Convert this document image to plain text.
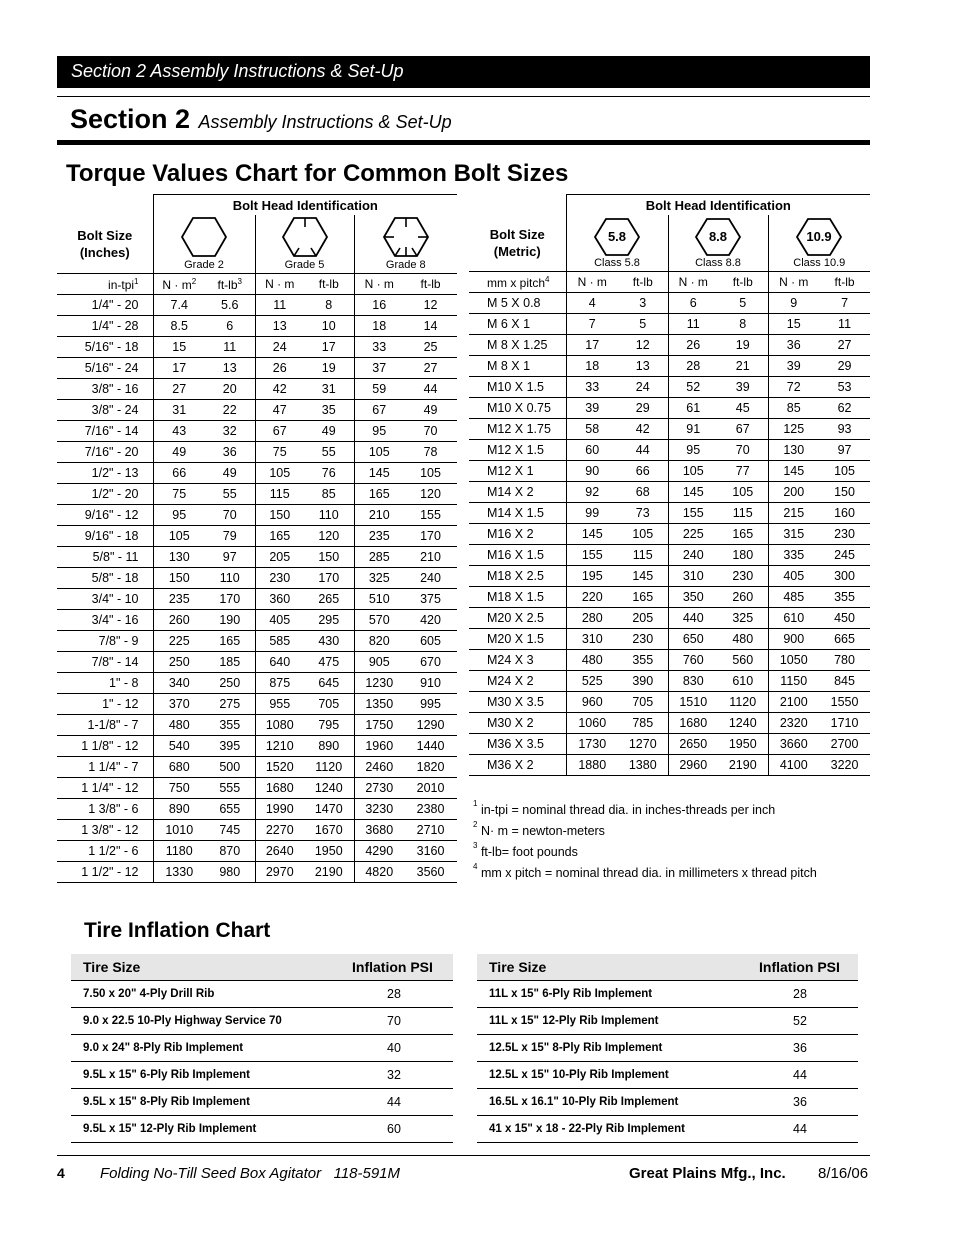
Section 2 Assembly Instructions & Set-Up
Section 2 Assembly Instructions & Set-Up
Torque Values Chart for Common Bolt Sizes
	Bolt Head Identification					
Bolt Size
(Inches)	Grade 2		Grade 5		Grade 8	

in-tpi$^1$	$N \cdot m^2$	$ft-lb^3$	N · m	ft-lb	N · m	ft-lb
1/4" - 20	7.4	5.6	11	8	16	12
1/4" - 28	8.5	6	13	10	18	14
5/16" - 18	15	11	24	17	33	25
5/16" - 24	17	13	26	19	37	27
3/8" - 16	27	20	42	31	59	44
3/8" - 24	31	22	47	35	67	49
7/16" - 14	43	32	67	49	95	70
7/16" - 20	49	36	75	55	105	78
1/2" - 13	66	49	105	76	145	105
1/2" - 20	75	55	115	85	165	120
9/16" - 12	95	70	150	110	210	155
9/16" - 18	105	79	165	120	235	170
5/8" - 11	130	97	205	150	285	210
5/8" - 18	150	110	230	170	325	240
3/4" - 10	235	170	360	265	510	375
3/4" - 16	260	190	405	295	570	420
7/8" - 9	225	165	585	430	820	605
7/8" - 14	250	185	640	475	905	670
1" - 8	340	250	875	645	1230	910
1" - 12	370	275	955	705	1350	995
1-1/8" - 7	480	355	1080	795	1750	1290
1 1/8" - 12	540	395	1210	890	1960	1440
1 1/4" - 7	680	500	1520	1120	2460	1820
1 1/4" - 12	750	555	1680	1240	2730	2010
1 3/8" - 6	890	655	1990	1470	3230	2380
1 3/8" - 12	1010	745	2270	1670	3680	2710
1 1/2" - 6	1180	870	2640	1950	4290	3160
1 1/2" - 12	1330	980	2970	2190	4820	3560
	Bolt Head Identification					
Bolt Size
(Metric)	5.8
Class 5.8		8.8
Class 8.8		10.9
Class 10.9	

mm x pitch$^4$	N · m	ft-lb	N · m	ft-lb	N · m	ft-lb
M 5 X 0.8	4	3	6	5	9	7
M 6 X 1	7	5	11	8	15	11
M 8 X 1.25	17	12	26	19	36	27
M 8 X 1	18	13	28	21	39	29
M10 X 1.5	33	24	52	39	72	53
M10 X 0.75	39	29	61	45	85	62
M12 X 1.75	58	42	91	67	125	93
M12 X 1.5	60	44	95	70	130	97
M12 X 1	90	66	105	77	145	105
M14 X 2	92	68	145	105	200	150
M14 X 1.5	99	73	155	115	215	160
M16 X 2	145	105	225	165	315	230
M16 X 1.5	155	115	240	180	335	245
M18 X 2.5	195	145	310	230	405	300
M18 X 1.5	220	165	350	260	485	355
M20 X 2.5	280	205	440	325	610	450
M20 X 1.5	310	230	650	480	900	665
M24 X 3	480	355	760	560	1050	780
M24 X 2	525	390	830	610	1150	845
M30 X 3.5	960	705	1510	1120	2100	1550
M30 X 2	1060	785	1680	1240	2320	1710
M36 X 3.5	1730	1270	2650	1950	3660	2700
M36 X 2	1880	1380	2960	2190	4100	3220
$^1$ in-tpi = nominal thread dia. in inches-threads per inch
$^2$ N· m = newton-meters
$^3$ ft-lb= foot pounds
$^4$ mm x pitch = nominal thread dia. in millimeters x thread pitch
Tire Inflation Chart
Tire Size	Inflation PSI
7.50 x 20" 4-Ply Drill Rib	28
9.0 x 22.5 10-Ply Highway Service 70	70
9.0 x 24" 8-Ply Rib Implement	40
9.5L x 15" 6-Ply Rib Implement	32
9.5L x 15" 8-Ply Rib Implement	44
9.5L x 15" 12-Ply Rib Implement	60
Tire Size	Inflation PSI
11L x 15" 6-Ply Rib Implement	28
11L x 15" 12-Ply Rib Implement	52
12.5L x 15" 8-Ply Rib Implement	36
12.5L x 15" 10-Ply Rib Implement	44
16.5L x 16.1" 10-Ply Rib Implement	36
41 x 15" x 18 - 22-Ply Rib Implement	44
4 Folding No-Till Seed Box Agitator   118-591M	Great Plains Mfg., Inc. 8/16/06
